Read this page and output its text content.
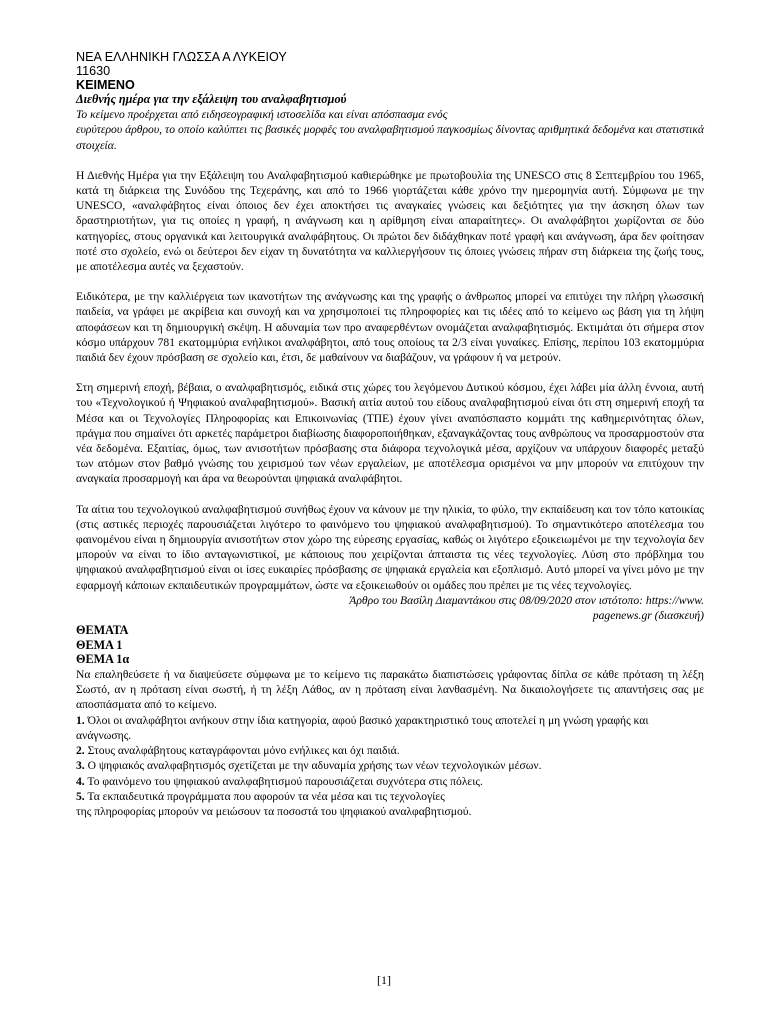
ΝΕΑ ΕΛΛΗΝΙΚΗ ΓΛΩΣΣΑ Α ΛΥΚΕΙΟΥ
11630
ΚΕΙΜΕΝΟ

Διεθνής ημέρα για την εξάλειψη του αναλφαβητισμού

Το κείμενο προέρχεται από ειδησεογραφική ιστοσελίδα και είναι απόσπασμα ενός

ευρύτερου άρθρου, το οποίο καλύπτει τις βασικές μορφές του αναλφαβητισμού παγκοσμίως δίνοντας αριθμητικά δεδομένα και στατιστικά στοιχεία.

Η Διεθνής Ημέρα για την Εξάλειψη του Αναλφαβητισμού καθιερώθηκε με πρωτοβουλία της UNESCO στις 8 Σεπτεμβρίου του 1965, κατά τη διάρκεια της Συνόδου της Τεχεράνης, και από το 1966 γιορτάζεται κάθε χρόνο την ημερομηνία αυτή. Σύμφωνα με την UNESCO, «αναλφάβητος είναι όποιος δεν έχει αποκτήσει τις αναγκαίες γνώσεις και δεξιότητες για την άσκηση όλων των δραστηριοτήτων, για τις οποίες η γραφή, η ανάγνωση και η αρίθμηση είναι απαραίτητες». Οι αναλφάβητοι χωρίζονται σε δύο κατηγορίες, στους οργανικά και λειτουργικά αναλφάβητους. Οι πρώτοι δεν διδάχθηκαν ποτέ γραφή και ανάγνωση, άρα δεν φοίτησαν ποτέ στο σχολείο, ενώ οι δεύτεροι δεν είχαν τη δυνατότητα να καλλιεργήσουν τις όποιες γνώσεις πήραν στη διάρκεια της ζωής τους, με αποτέλεσμα αυτές να ξεχαστούν.

Ειδικότερα, με την καλλιέργεια των ικανοτήτων της ανάγνωσης και της γραφής ο άνθρωπος μπορεί να επιτύχει την πλήρη γλωσσική παιδεία, να γράφει με ακρίβεια και συνοχή και να χρησιμοποιεί τις πληροφορίες και τις ιδέες από το κείμενο ως βάση για τη λήψη αποφάσεων και τη δημιουργική σκέψη. Η αδυναμία των προ αναφερθέντων ονομάζεται αναλφαβητισμός. Εκτιμάται ότι σήμερα στον κόσμο υπάρχουν 781 εκατομμύρια ενήλικοι αναλφάβητοι, από τους οποίους τα 2/3 είναι γυναίκες. Επίσης, περίπου 103 εκατομμύρια παιδιά δεν έχουν πρόσβαση σε σχολείο και, έτσι, δε μαθαίνουν να διαβάζουν, να γράφουν ή να μετρούν.

Στη σημερινή εποχή, βέβαια, ο αναλφαβητισμός, ειδικά στις χώρες του λεγόμενου Δυτικού κόσμου, έχει λάβει μία άλλη έννοια, αυτή του «Τεχνολογικού ή Ψηφιακού αναλφαβητισμού». Βασική αιτία αυτού του είδους αναλφαβητισμού είναι ότι στη σημερινή εποχή τα Μέσα και οι Τεχνολογίες Πληροφορίας και Επικοινωνίας (ΤΠΕ) έχουν γίνει αναπόσπαστο κομμάτι της καθημερινότητας όλων, πράγμα που σημαίνει ότι αρκετές παράμετροι διαβίωσης διαφοροποιήθηκαν, εξαναγκάζοντας τους ανθρώπους να προσαρμοστούν στα νέα δεδομένα. Εξαιτίας, όμως, των ανισοτήτων πρόσβασης στα διάφορα τεχνολογικά μέσα, αρχίζουν να υπάρχουν διαφορές μεταξύ των ατόμων στον βαθμό γνώσης του χειρισμού των νέων εργαλείων, με αποτέλεσμα ορισμένοι να μην μπορούν να επιτύχουν την αναγκαία προσαρμογή και άρα να θεωρούνται ψηφιακά αναλφάβητοι.

Τα αίτια του τεχνολογικού αναλφαβητισμού συνήθως έχουν να κάνουν με την ηλικία, το φύλο, την εκπαίδευση και τον τόπο κατοικίας (στις αστικές περιοχές παρουσιάζεται λιγότερο το φαινόμενο του ψηφιακού αναλφαβητισμού). Το σημαντικότερο αποτέλεσμα του φαινομένου είναι η δημιουργία ανισοτήτων στον χώρο της εύρεσης εργασίας, καθώς οι λιγότερο εξοικειωμένοι με την τεχνολογία δεν μπορούν να είναι το ίδιο ανταγωνιστικοί, με κάποιους που χειρίζονται άπταιστα τις νέες τεχνολογίες. Λύση στο πρόβλημα του ψηφιακού αναλφαβητισμού είναι οι ίσες ευκαιρίες πρόσβασης σε ψηφιακά εργαλεία και εξοπλισμό. Αυτό μπορεί να γίνει μόνο με την εφαρμογή κάποιων εκπαιδευτικών προγραμμάτων, ώστε να εξοικειωθούν οι ομάδες που πρέπει με τις νέες τεχνολογίες.

Άρθρο του Βασίλη Διαμαντάκου στις 08/09/2020 στον ιστότοπο: https://www.

pagenews.gr (διασκευή)

ΘΕΜΑΤΑ

ΘΕΜΑ 1

ΘΕΜΑ 1α

Να επαληθεύσετε ή να διαψεύσετε σύμφωνα με το κείμενο τις παρακάτω διαπιστώσεις γράφοντας δίπλα σε κάθε πρόταση τη λέξη Σωστό, αν η πρόταση είναι σωστή, ή τη λέξη Λάθος, αν η πρόταση είναι λανθασμένη. Να δικαιολογήσετε τις απαντήσεις σας με αποσπάσματα από το κείμενο.

1. Όλοι οι αναλφάβητοι ανήκουν στην ίδια κατηγορία, αφού βασικό χαρακτηριστικό τους αποτελεί η μη γνώση γραφής και ανάγνωσης.
2. Στους αναλφάβητους καταγράφονται μόνο ενήλικες και όχι παιδιά.
3. Ο ψηφιακός αναλφαβητισμός σχετίζεται με την αδυναμία χρήσης των νέων τεχνολογικών μέσων.
4. Το φαινόμενο του ψηφιακού αναλφαβητισμού παρουσιάζεται συχνότερα στις πόλεις.
5. Τα εκπαιδευτικά προγράμματα που αφορούν τα νέα μέσα και τις τεχνολογίες
της πληροφορίας μπορούν να μειώσουν τα ποσοστά του ψηφιακού αναλφαβητισμού.
[1]
